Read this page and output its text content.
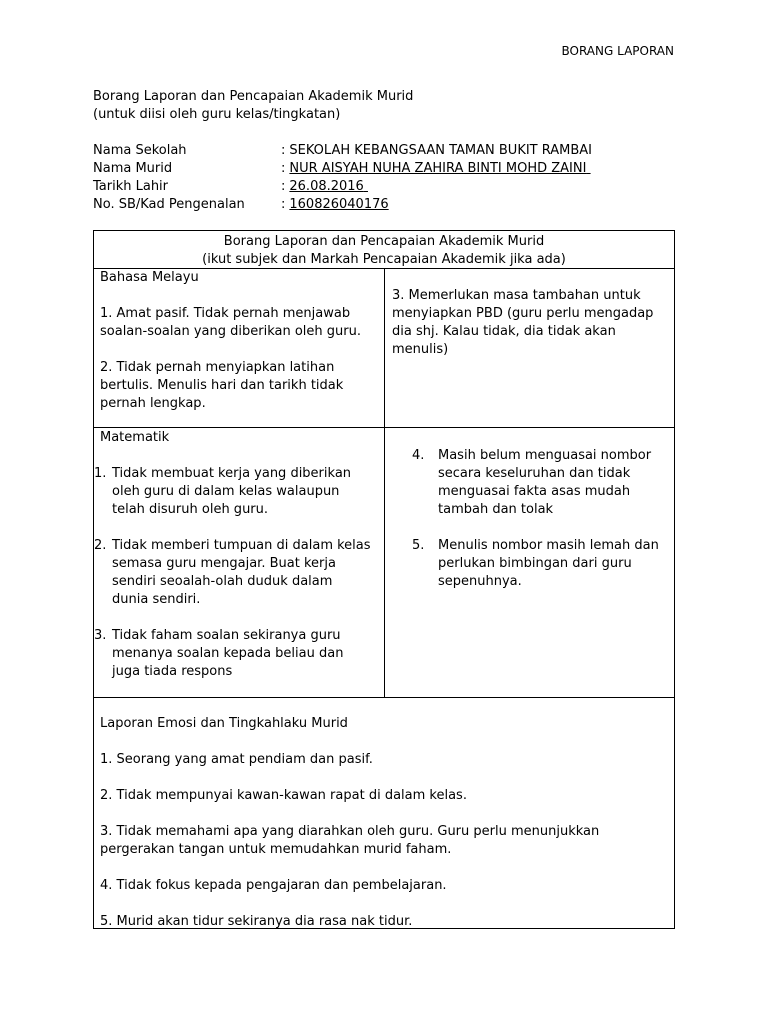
BORANG LAPORAN
Borang Laporan dan Pencapaian Akademik Murid
(untuk diisi oleh guru kelas/tingkatan)
Nama Sekolah	: SEKOLAH KEBANGSAAN TAMAN BUKIT RAMBAI
Nama Murid	: NUR AISYAH NUHA ZAHIRA BINTI MOHD ZAINI
Tarikh Lahir	: 26.08.2016
No. SB/Kad Pengenalan	: 160826040176
Borang Laporan dan Pencapaian Akademik Murid
(ikut subjek dan Markah Pencapaian Akademik jika ada)

Bahasa Melayu

1. Amat pasif. Tidak pernah menjawab soalan-soalan yang diberikan oleh guru.

2. Tidak pernah menyiapkan latihan bertulis. Menulis hari dan tarikh tidak pernah lengkap.

3. Memerlukan masa tambahan untuk menyiapkan PBD (guru perlu mengadap dia shj. Kalau tidak, dia tidak akan menulis)

Matematik

1. Tidak membuat kerja yang diberikan oleh guru di dalam kelas walaupun telah disuruh oleh guru.
2. Tidak memberi tumpuan di dalam kelas semasa guru mengajar. Buat kerja sendiri seoalah-olah duduk dalam dunia sendiri.
3. Tidak faham soalan sekiranya guru menanya soalan kepada beliau dan juga tiada respons
4. Masih belum menguasai nombor secara keseluruhan dan tidak menguasai fakta asas mudah tambah dan tolak
5. Menulis nombor masih lemah dan perlukan bimbingan dari guru sepenuhnya.

Laporan Emosi dan Tingkahlaku Murid

1. Seorang yang amat pendiam dan pasif.

2. Tidak mempunyai kawan-kawan rapat di dalam kelas.

3. Tidak memahami apa yang diarahkan oleh guru. Guru perlu menunjukkan pergerakan tangan untuk memudahkan murid faham.

4. Tidak fokus kepada pengajaran dan pembelajaran.

5. Murid akan tidur sekiranya dia rasa nak tidur.
